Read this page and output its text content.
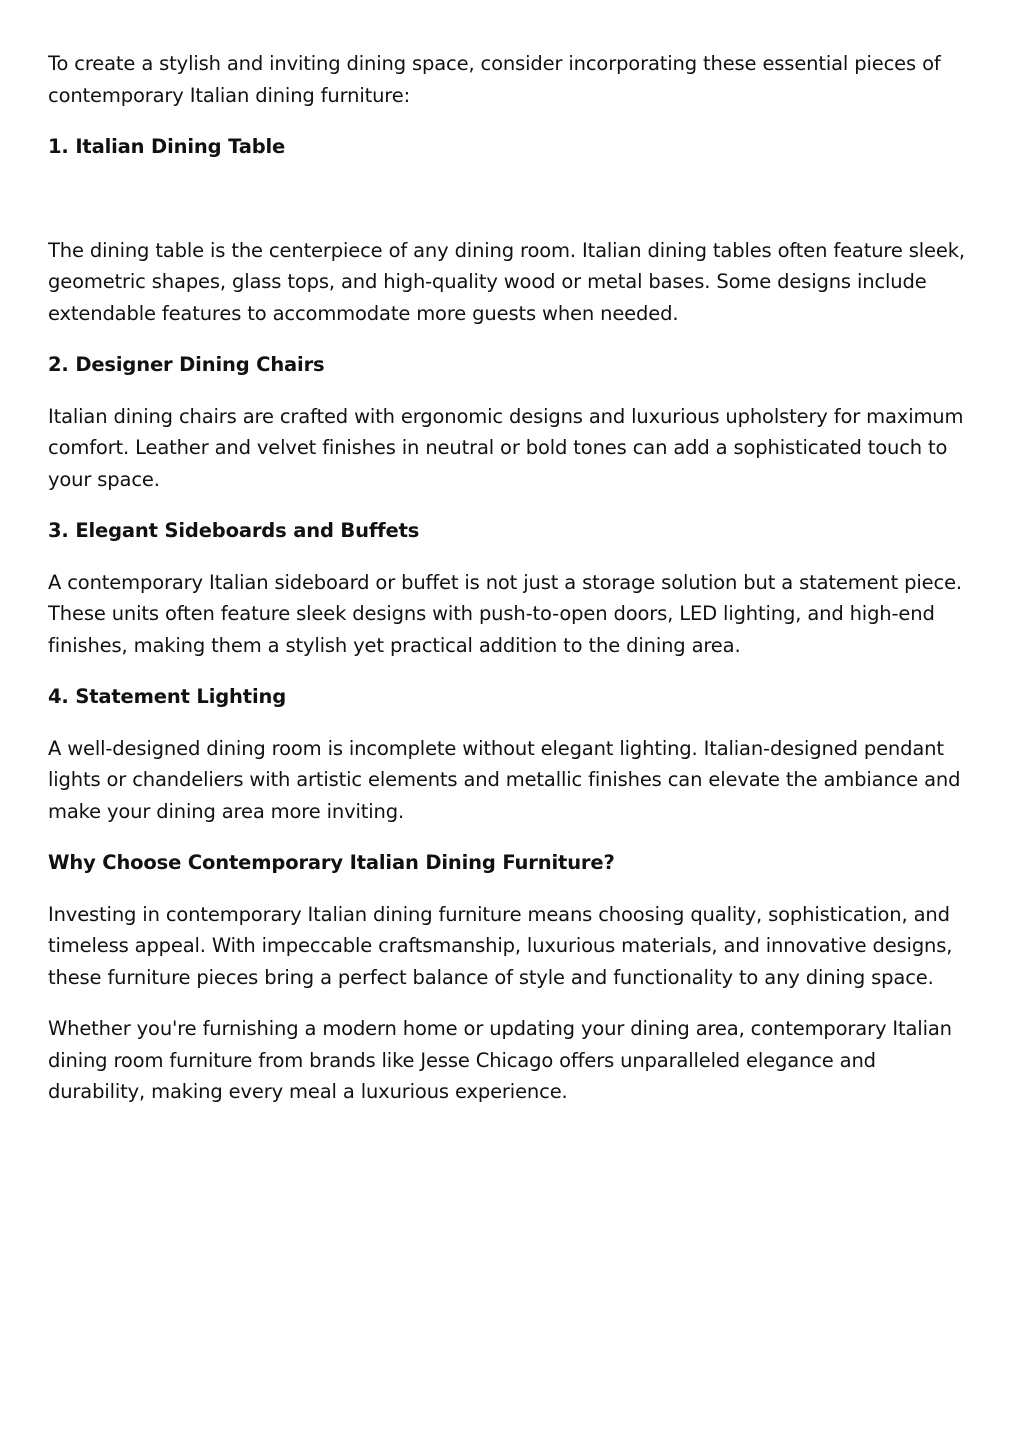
To create a stylish and inviting dining space, consider incorporating these essential pieces of contemporary Italian dining furniture:

1. Italian Dining Table

The dining table is the centerpiece of any dining room. Italian dining tables often feature sleek, geometric shapes, glass tops, and high-quality wood or metal bases. Some designs include extendable features to accommodate more guests when needed.

2. Designer Dining Chairs

Italian dining chairs are crafted with ergonomic designs and luxurious upholstery for maximum comfort. Leather and velvet finishes in neutral or bold tones can add a sophisticated touch to your space.

3. Elegant Sideboards and Buffets

A contemporary Italian sideboard or buffet is not just a storage solution but a statement piece. These units often feature sleek designs with push-to-open doors, LED lighting, and high-end finishes, making them a stylish yet practical addition to the dining area.

4. Statement Lighting

A well-designed dining room is incomplete without elegant lighting. Italian-designed pendant lights or chandeliers with artistic elements and metallic finishes can elevate the ambiance and make your dining area more inviting.

Why Choose Contemporary Italian Dining Furniture?

Investing in contemporary Italian dining furniture means choosing quality, sophistication, and timeless appeal. With impeccable craftsmanship, luxurious materials, and innovative designs, these furniture pieces bring a perfect balance of style and functionality to any dining space.

Whether you're furnishing a modern home or updating your dining area, contemporary Italian dining room furniture from brands like Jesse Chicago offers unparalleled elegance and durability, making every meal a luxurious experience.
